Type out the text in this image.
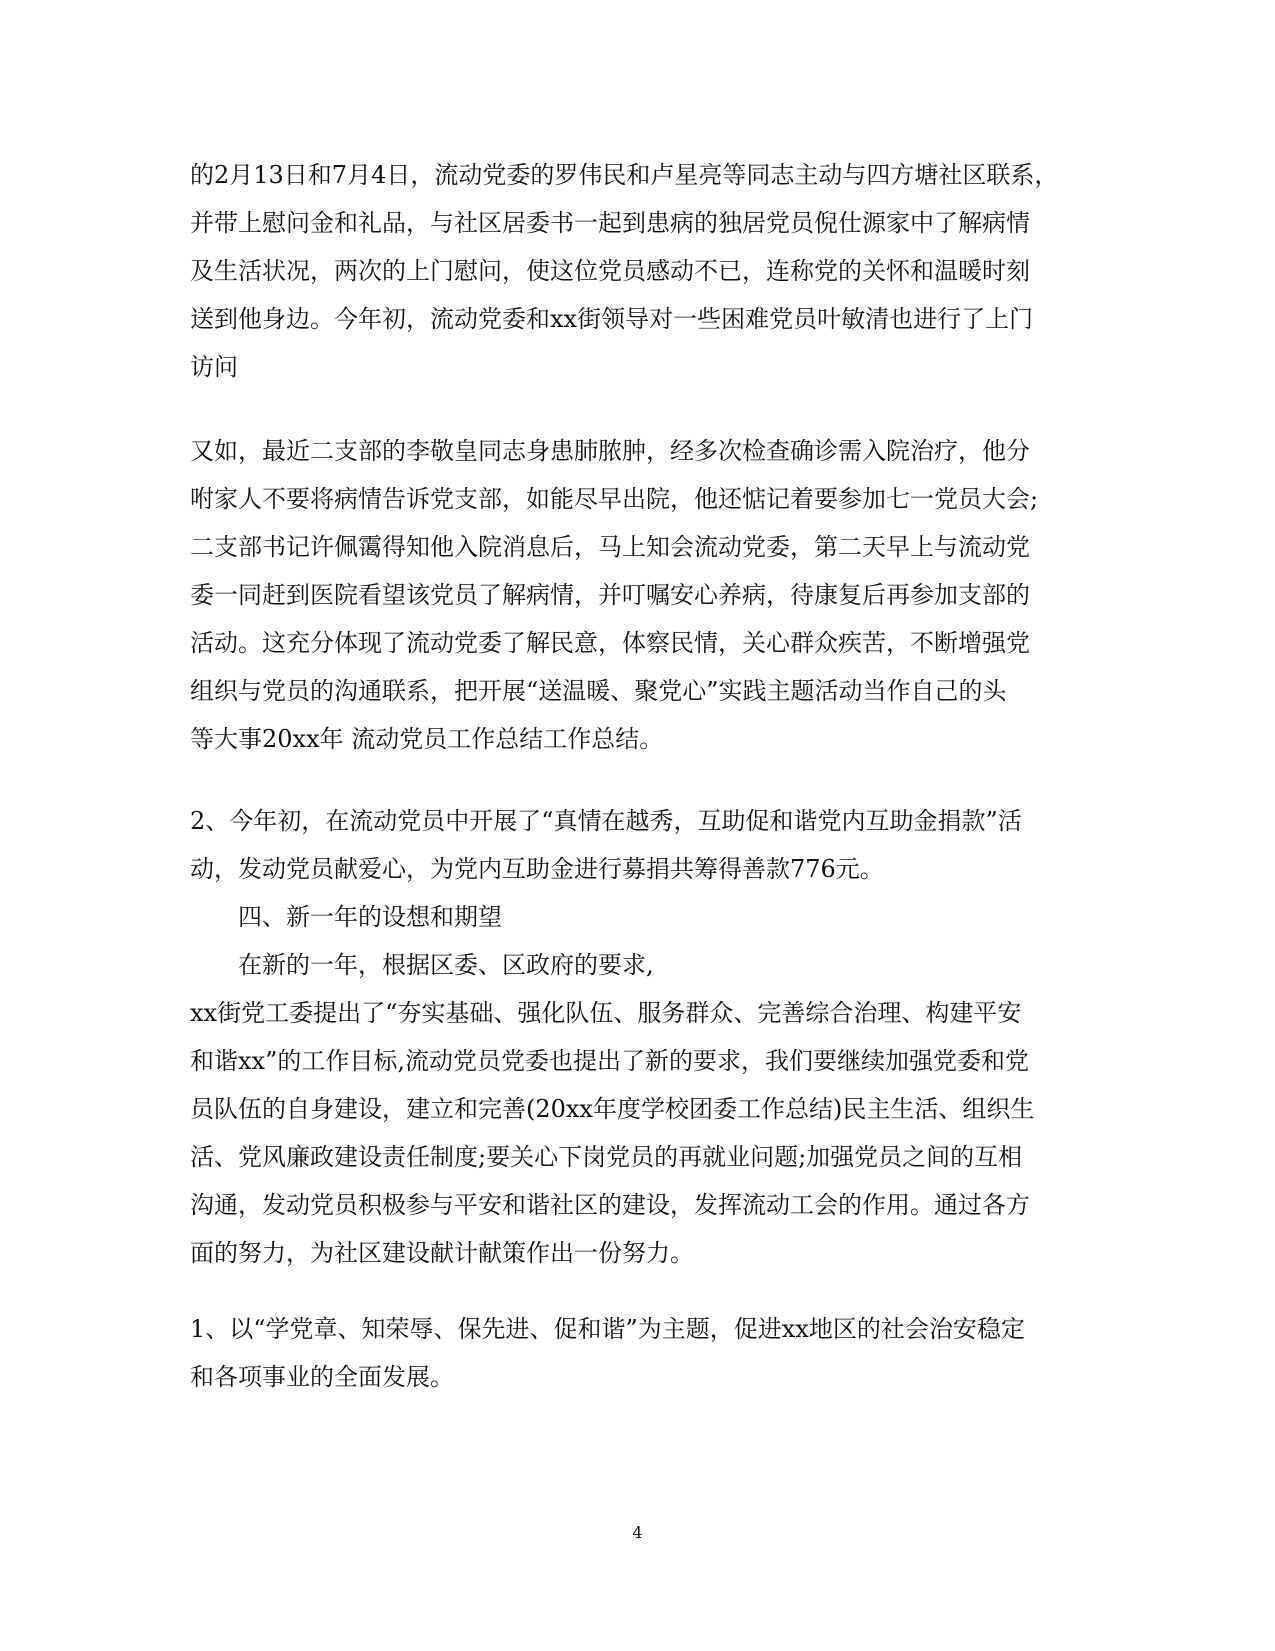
的2月13日和7月4日，流动党委的罗伟民和卢星亮等同志主动与四方塘社区联系，
并带上慰问金和礼品，与社区居委书一起到患病的独居党员倪仕源家中了解病情
及生活状况，两次的上门慰问，使这位党员感动不已，连称党的关怀和温暖时刻
送到他身边。今年初，流动党委和xx街领导对一些困难党员叶敏清也进行了上门
访问
又如，最近二支部的李敬皇同志身患肺脓肿，经多次检查确诊需入院治疗，他分
咐家人不要将病情告诉党支部，如能尽早出院，他还惦记着要参加七一党员大会;
二支部书记许佩霭得知他入院消息后，马上知会流动党委，第二天早上与流动党
委一同赶到医院看望该党员了解病情，并叮嘱安心养病，待康复后再参加支部的
活动。这充分体现了流动党委了解民意，体察民情，关心群众疾苦，不断增强党
组织与党员的沟通联系，把开展“送温暖、聚党心”实践主题活动当作自己的头
等大事20xx年 流动党员工作总结工作总结。
2、今年初，在流动党员中开展了“真情在越秀，互助促和谐党内互助金捐款”活
动，发动党员献爱心，为党内互助金进行募捐共筹得善款776元。
　　四、新一年的设想和期望
　　在新的一年，根据区委、区政府的要求,
xx街党工委提出了“夯实基础、强化队伍、服务群众、完善综合治理、构建平安
和谐xx”的工作目标,流动党员党委也提出了新的要求，我们要继续加强党委和党
员队伍的自身建设，建立和完善(20xx年度学校团委工作总结)民主生活、组织生
活、党风廉政建设责任制度;要关心下岗党员的再就业问题;加强党员之间的互相
沟通，发动党员积极参与平安和谐社区的建设，发挥流动工会的作用。通过各方
面的努力，为社区建设献计献策作出一份努力。
1、以“学党章、知荣辱、保先进、促和谐”为主题，促进xx地区的社会治安稳定
和各项事业的全面发展。
4
